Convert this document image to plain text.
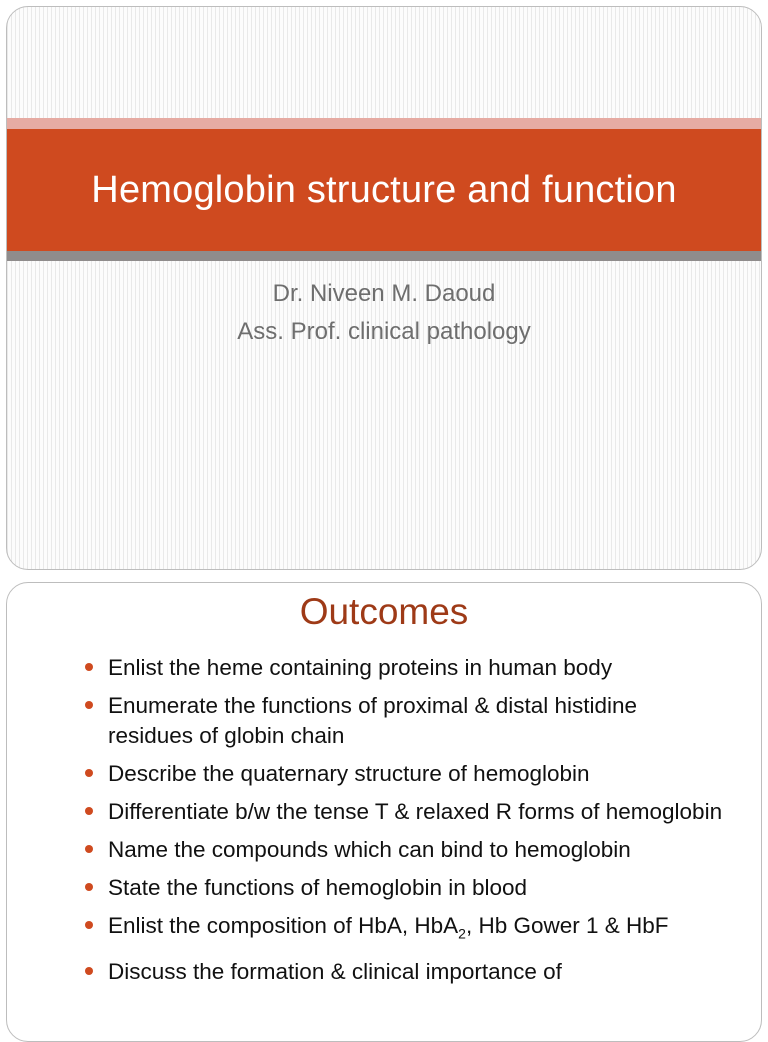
Hemoglobin structure and function
Dr. Niveen M. Daoud
Ass. Prof. clinical pathology
Outcomes
Enlist the heme containing proteins in human body
Enumerate the functions of proximal & distal histidine residues of globin chain
Describe the quaternary structure of hemoglobin
Differentiate b/w the tense T & relaxed R forms of hemoglobin
Name the compounds which can bind to hemoglobin
State the functions of hemoglobin in blood
Enlist the composition of HbA, HbA$_2$, Hb Gower 1 & HbF
Discuss the formation & clinical importance of
